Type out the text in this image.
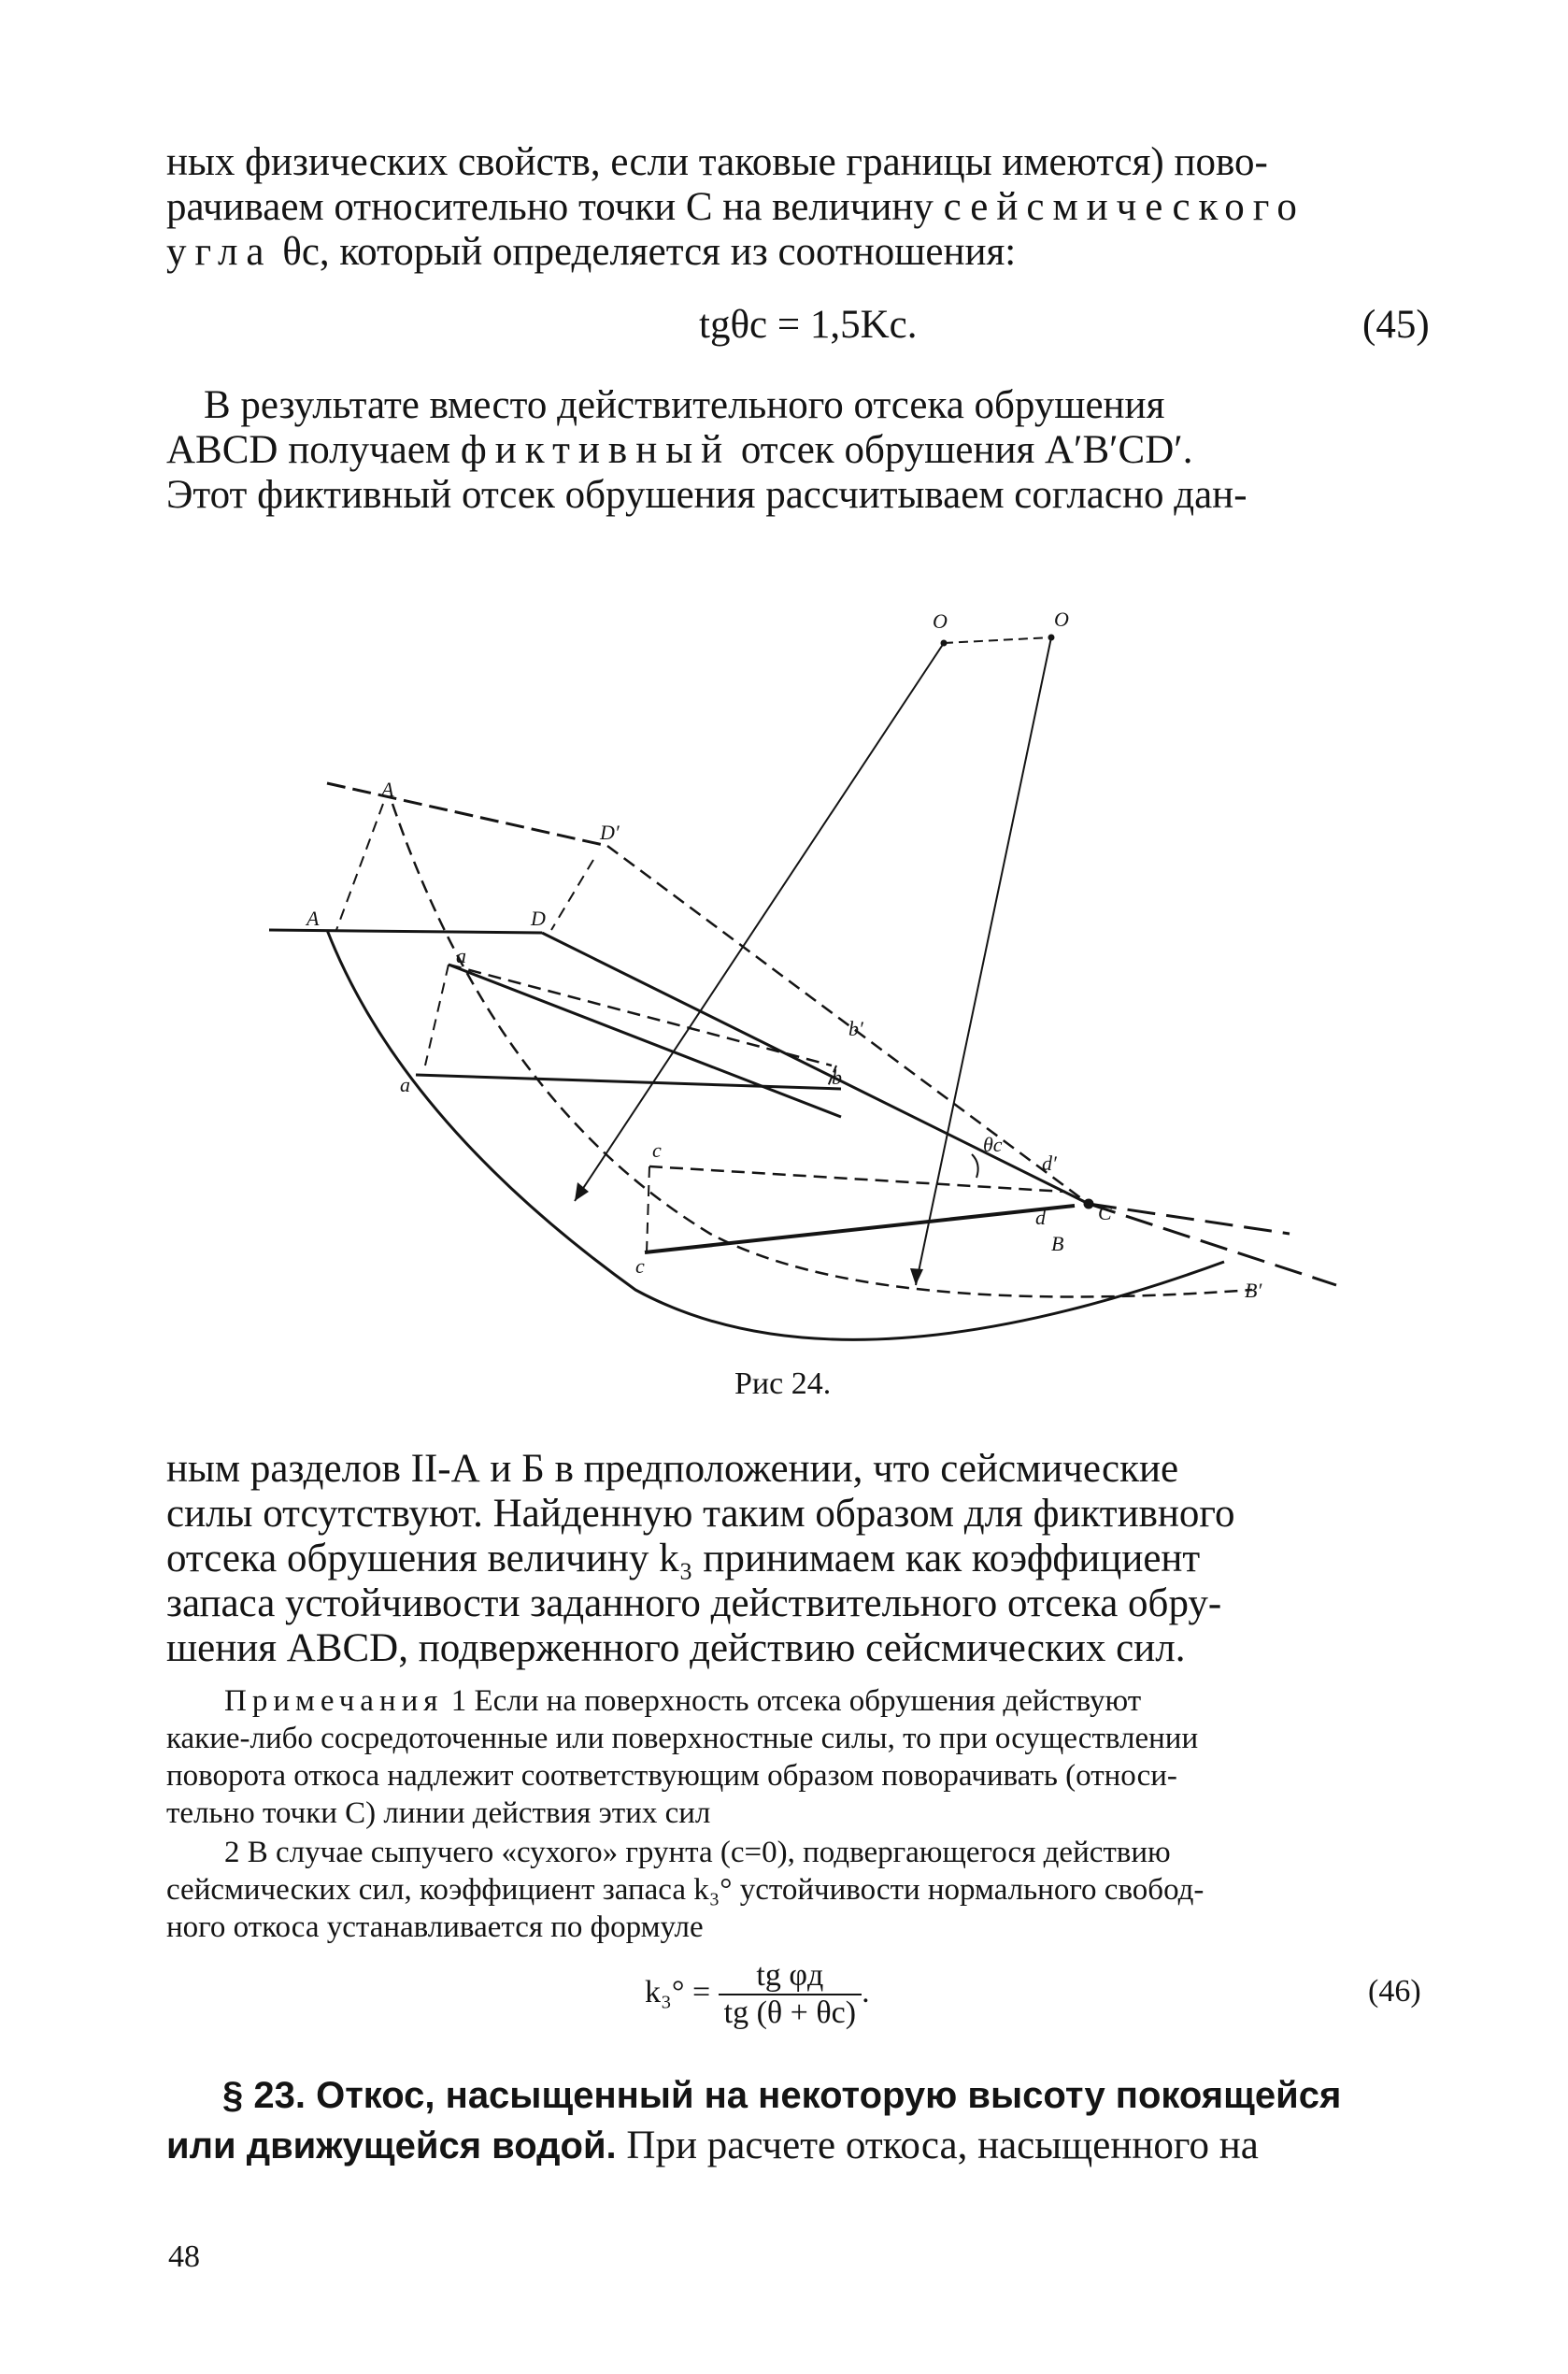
ных физических свойств, если таковые границы имеются) пово-
рачиваем относительно точки С на величину сейсмического
угла θс, который определяется из соотношения:
tgθс = 1,5Kс.	(45)
В результате вместо действительного отсека обрушения
ABCD получаем фиктивный отсек обрушения A′B′CD′.
Этот фиктивный отсек обрушения рассчитываем согласно дан-
O	O
A
A
D′
D
a
a
b′
b
c
c
θc
d′
d	C
B
B′
Рис 24.
ным разделов II-А и Б в предположении, что сейсмические
силы отсутствуют. Найденную таким образом для фиктивного
отсека обрушения величину k₃ принимаем как коэффициент
запаса устойчивости заданного действительного отсека обру-
шения ABCD, подверженного действию сейсмических сил.
Примечания 1 Если на поверхность отсека обрушения действуют
какие-либо сосредоточенные или поверхностные силы, то при осуществлении
поворота откоса надлежит соответствующим образом поворачивать (относи-
тельно точки С) линии действия этих сил
2 В случае сыпучего «сухого» грунта (c=0), подвергающегося действию
сейсмических сил, коэффициент запаса k₃° устойчивости нормального свобод-
ного откоса устанавливается по формуле
$k_3^\circ = \frac{\text{tg φд}}{tg (\theta + \theta с)}$ .	(46)
§ 23. Откос, насыщенный на некоторую высоту покоящейся
или движущейся водой. При расчете откоса, насыщенного на
48
